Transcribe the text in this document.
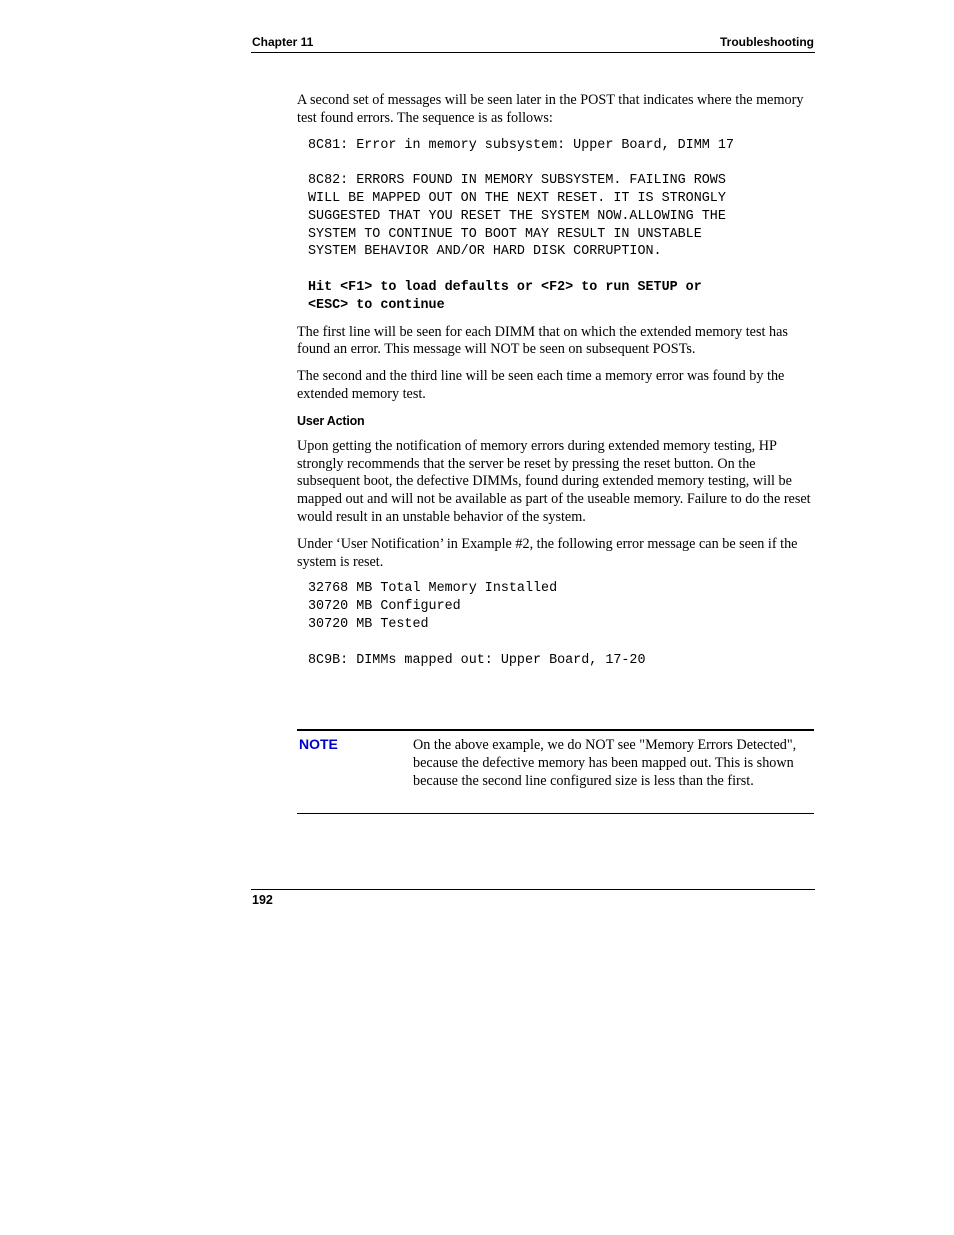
Chapter 11	Troubleshooting

A second set of messages will be seen later in the POST that indicates where the memory test found errors. The sequence is as follows:

8C81: Error in memory subsystem: Upper Board, DIMM 17

8C82: ERRORS FOUND IN MEMORY SUBSYSTEM. FAILING ROWS
WILL BE MAPPED OUT ON THE NEXT RESET. IT IS STRONGLY
SUGGESTED THAT YOU RESET THE SYSTEM NOW.ALLOWING THE
SYSTEM TO CONTINUE TO BOOT MAY RESULT IN UNSTABLE
SYSTEM BEHAVIOR AND/OR HARD DISK CORRUPTION.

Hit <F1> to load defaults or <F2> to run SETUP or
<ESC> to continue

The first line will be seen for each DIMM that on which the extended memory test has found an error. This message will NOT be seen on subsequent POSTs.

The second and the third line will be seen each time a memory error was found by the extended memory test.

User Action

Upon getting the notification of memory errors during extended memory testing, HP strongly recommends that the server be reset by pressing the reset button. On the subsequent boot, the defective DIMMs, found during extended memory testing, will be mapped out and will not be available as part of the useable memory. Failure to do the reset would result in an unstable behavior of the system.

Under ‘User Notification’ in Example #2, the following error message can be seen if the system is reset.

32768 MB Total Memory Installed
30720 MB Configured
30720 MB Tested

8C9B: DIMMs mapped out: Upper Board, 17-20
NOTE	On the above example, we do NOT see "Memory Errors Detected", because the defective memory has been mapped out. This is shown because the second line configured size is less than the first.
192
